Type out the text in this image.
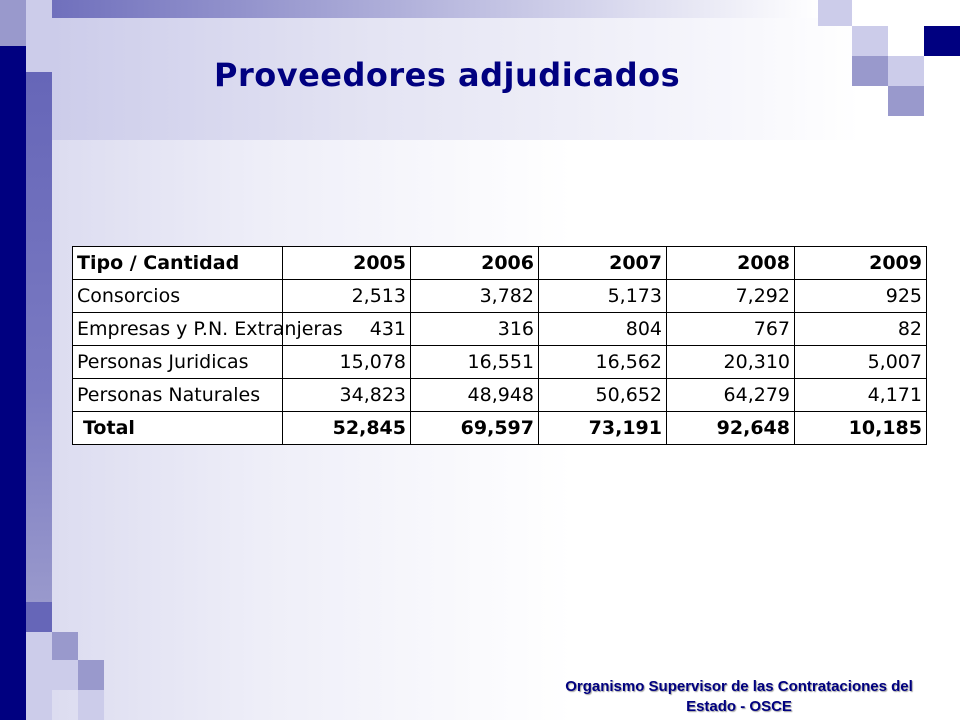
Proveedores adjudicados
Tipo / Cantidad	2005	2006	2007	2008	2009
Consorcios	2,513	3,782	5,173	7,292	925
Empresas y P.N. Extranjeras	431	316	804	767	82
Personas Juridicas	15,078	16,551	16,562	20,310	5,007
Personas Naturales	34,823	48,948	50,652	64,279	4,171
Total	52,845	69,597	73,191	92,648	10,185
Organismo Supervisor de las Contrataciones del
Estado - OSCE
